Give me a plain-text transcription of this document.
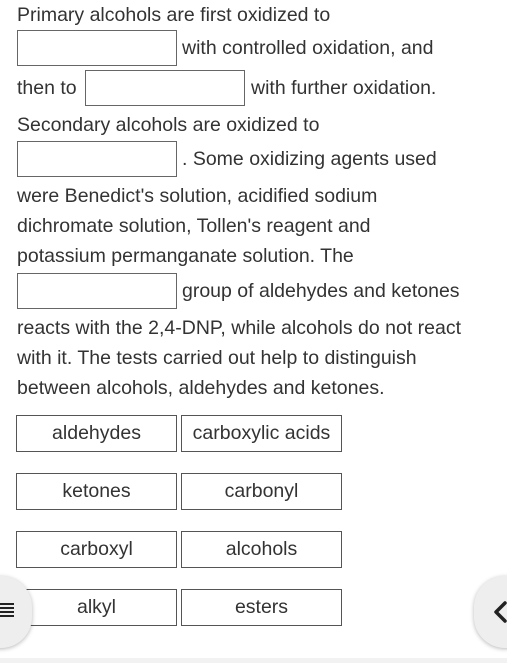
Primary alcohols are first oxidized to
with controlled oxidation, and
then to	with further oxidation.
Secondary alcohols are oxidized to
. Some oxidizing agents used
were Benedict's solution, acidified sodium
dichromate solution, Tollen's reagent and
potassium permanganate solution. The
group of aldehydes and ketones
reacts with the 2,4-DNP, while alcohols do not react
with it. The tests carried out help to distinguish
between alcohols, aldehydes and ketones.
aldehydes	carboxylic acids
ketones	carbonyl
carboxyl	alcohols
alkyl	esters
